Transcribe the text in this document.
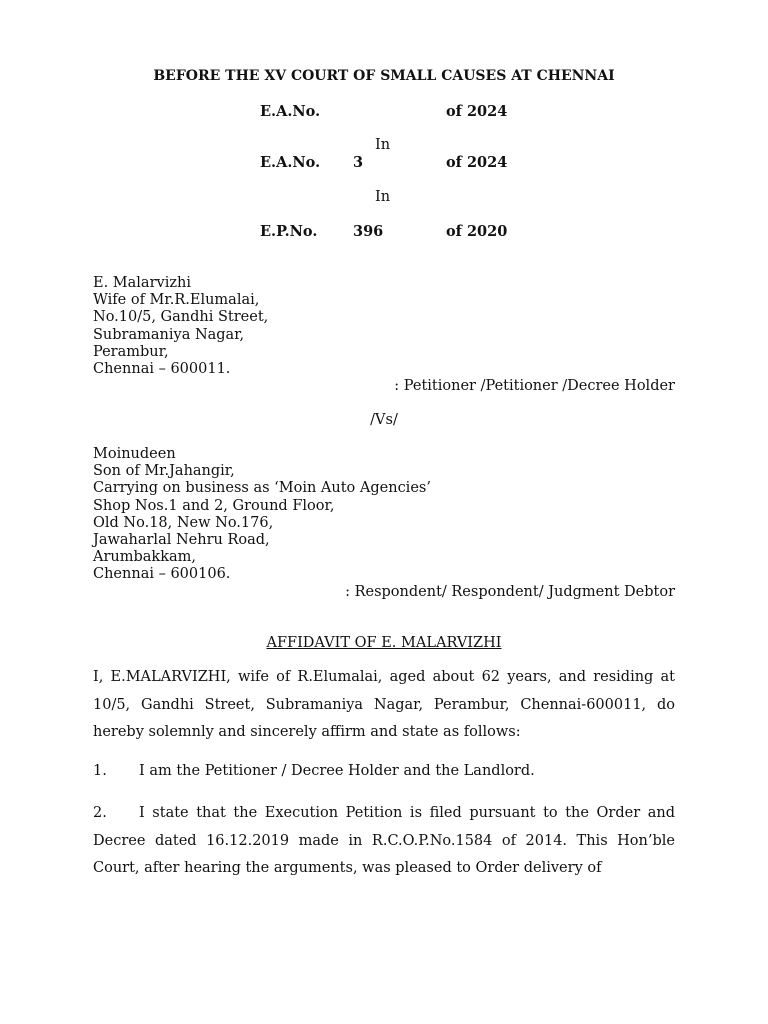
BEFORE THE XV COURT OF SMALL CAUSES AT CHENNAI
E.A.No.	of 2024
In
E.A.No. 3	of 2024
In
E.P.No. 396	of 2020
E. Malarvizhi
Wife of Mr.R.Elumalai,
No.10/5, Gandhi Street,
Subramaniya Nagar,
Perambur,
Chennai – 600011.
: Petitioner /Petitioner /Decree Holder
/Vs/
Moinudeen
Son of Mr.Jahangir,
Carrying on business as ‘Moin Auto Agencies’
Shop Nos.1 and 2, Ground Floor,
Old No.18, New No.176,
Jawaharlal Nehru Road,
Arumbakkam,
Chennai – 600106.
: Respondent/ Respondent/ Judgment Debtor
AFFIDAVIT OF E. MALARVIZHI
I, E.MALARVIZHI, wife of R.Elumalai, aged about 62 years, and residing at 10/5, Gandhi Street, Subramaniya Nagar, Perambur, Chennai-600011, do hereby solemnly and sincerely affirm and state as follows:
1. I am the Petitioner / Decree Holder and the Landlord.
2. I state that the Execution Petition is filed pursuant to the Order and Decree dated 16.12.2019 made in R.C.O.P.No.1584 of 2014. This Hon’ble Court, after hearing the arguments, was pleased to Order delivery of
